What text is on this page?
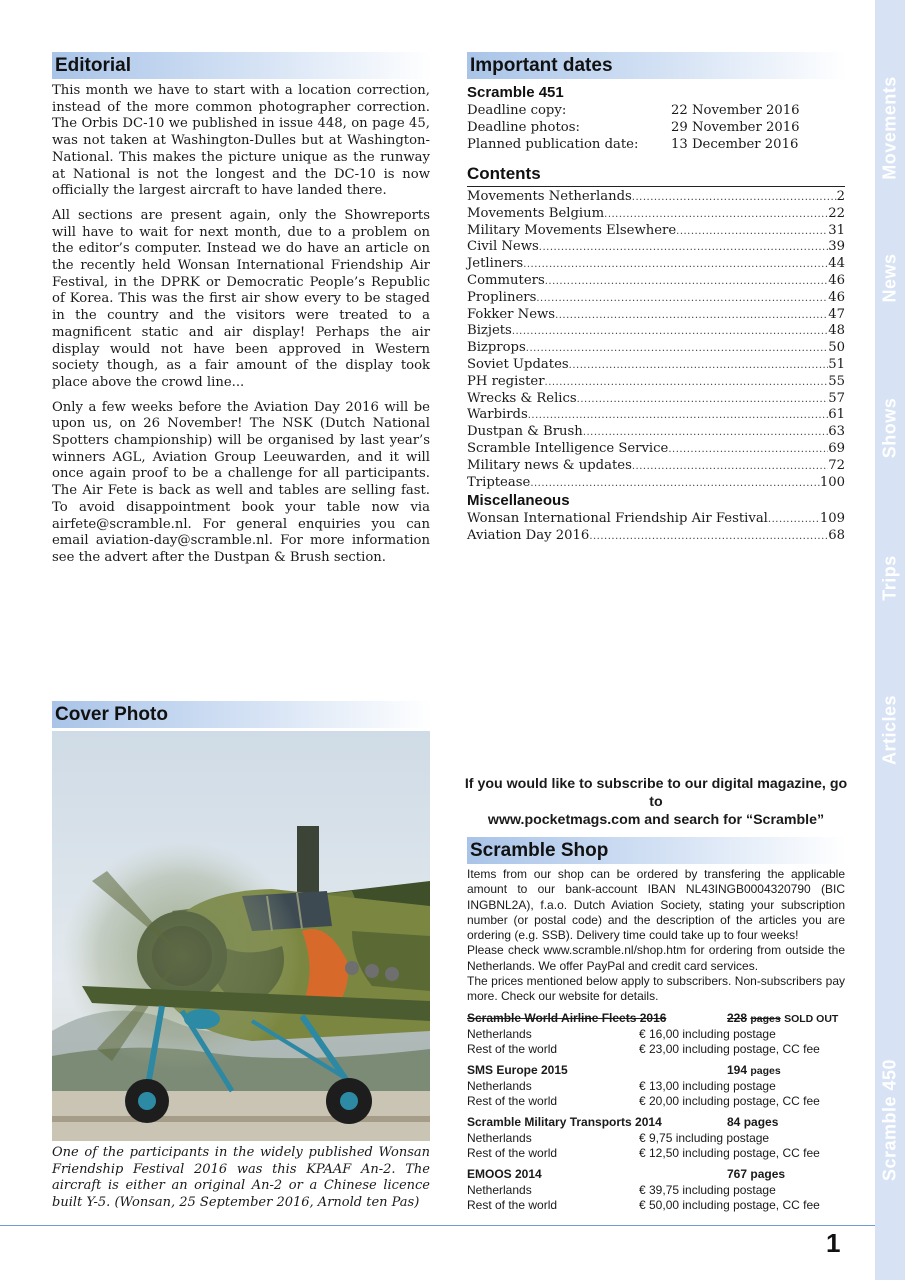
Movements
News
Shows
Trips
Articles
Scramble 450
Editorial

This month we have to start with a location correction, instead of the more common photographer correction. The Orbis DC-10 we published in issue 448, on page 45, was not taken at Washington-Dulles but at Washington-National. This makes the picture unique as the runway at National is not the longest and the DC-10 is now officially the largest aircraft to have landed there.

All sections are present again, only the Showreports will have to wait for next month, due to a problem on the editor’s computer. Instead we do have an article on the recently held Wonsan International Friendship Air Festival, in the DPRK or Democratic People’s Republic of Korea. This was the first air show every to be staged in the country and the visitors were treated to a magnificent static and air display! Perhaps the air display would not have been approved in Western society though, as a fair amount of the display took place above the crowd line...

Only a few weeks before the Aviation Day 2016 will be upon us, on 26 November! The NSK (Dutch National Spotters championship) will be organised by last year’s winners AGL, Aviation Group Leeuwarden, and it will once again proof to be a challenge for all participants. The Air Fete is back as well and tables are selling fast. To avoid disappointment book your table now via airfete@scramble.nl. For general enquiries you can email aviation-day@scramble.nl. For more information see the advert after the Dustpan & Brush section.

Important dates
Scramble 451
Deadline copy:	22 November 2016
Deadline photos:	29 November 2016
Planned publication date: 13 December 2016
Contents
Movements Netherlands .....	2
Movements Belgium .....	22
Military Movements Elsewhere .....	31
Civil News .....	39
Jetliners .....	44
Commuters .....	46
Propliners .....	46
Fokker News .....	47
Bizjets .....	48
Bizprops .....	50
Soviet Updates .....	51
PH register .....	55
Wrecks & Relics .....	57
Warbirds .....	61
Dustpan & Brush .....	63
Scramble Intelligence Service .....	69
Military news & updates .....	72
Triptease .....	100
Miscellaneous
Wonsan International Friendship Air Festival .....	109
Aviation Day 2016 .....	68
Cover Photo
One of the participants in the widely published Wonsan Friendship Festival 2016 was this KPAAF An-2. The aircraft is either an original An-2 or a Chinese licence built Y-5. (Wonsan, 25 September 2016, Arnold ten Pas)
If you would like to subscribe to our digital magazine, go to
www.pocketmags.com and search for “Scramble”
Scramble Shop
Items from our shop can be ordered by transfering the applicable amount to our bank-account IBAN NL43INGB0004320790 (BIC INGBNL2A), f.a.o. Dutch Aviation Society, stating your subscription number (or postal code) and the description of the articles you are ordering (e.g. SSB). Delivery time could take up to four weeks!
Please check www.scramble.nl/shop.htm for ordering from outside the Netherlands. We offer PayPal and credit card services.
The prices mentioned below apply to subscribers. Non-subscribers pay more. Check our website for details.
Scramble World Airline Fleets 2016	228 pages SOLD OUT
Netherlands	€ 16,00 including postage
Rest of the world	€ 23,00 including postage, CC fee
SMS Europe 2015	194 pages
Netherlands	€ 13,00 including postage
Rest of the world	€ 20,00 including postage, CC fee
Scramble Military Transports 2014	84 pages
Netherlands	€ 9,75 including postage
Rest of the world	€ 12,50 including postage, CC fee
EMOOS 2014	767 pages
Netherlands	€ 39,75 including postage
Rest of the world	€ 50,00 including postage, CC fee
1
